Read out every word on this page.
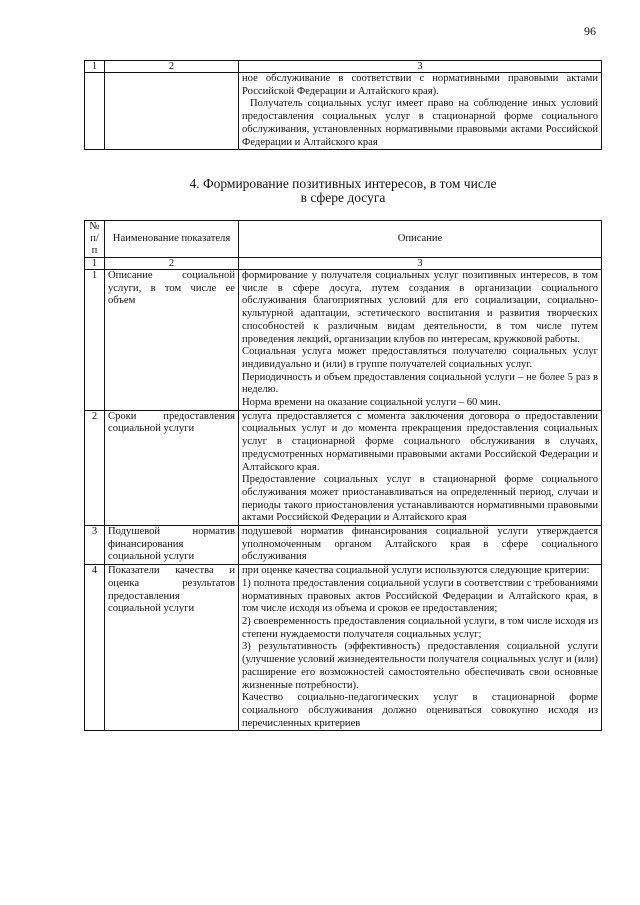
96
1	2	3

		ное обслуживание в соответствии с нормативными правовыми актами Российской Федерации и Алтайского края).
Получатель социальных услуг имеет право на соблюдение иных условий предоставления социальных услуг в стационарной форме социального обслуживания, установленных нормативными правовыми актами Российской Федерации и Алтайского края
4. Формирование позитивных интересов, в том числе
в сфере досуга
№ п/п	Наименование показателя	Описание
1	2	3
1	Описание социальной услуги, в том числе ее объем	формирование у получателя социальных услуг позитивных интересов, в том числе в сфере досуга, путем создания в организации социального обслуживания благоприятных условий для его социализации, социально-культурной адаптации, эстетического воспитания и развития творческих способностей к различным видам деятельности, в том числе путем проведения лекций, организации клубов по интересам, кружковой работы.
Социальная услуга может предоставляться получателю социальных услуг индивидуально и (или) в группе получателей социальных услуг.
Периодичность и объем предоставления социальной услуги – не более 5 раз в неделю.
Норма времени на оказание социальной услуги – 60 мин.

2	Сроки предоставления социальной услуги	услуга предоставляется с момента заключения договора о предоставлении социальных услуг и до момента прекращения предоставления социальных услуг в стационарной форме социального обслуживания в случаях, предусмотренных нормативными правовыми актами Российской Федерации и Алтайского края.
Предоставление социальных услуг в стационарной форме социального обслуживания может приостанавливаться на определенный период, случаи и периоды такого приостановления устанавливаются нормативными правовыми актами Российской Федерации и Алтайского края

3	Подушевой норматив финансирования социальной услуги	подушевой норматив финансирования социальной услуги утверждается уполномоченным органом Алтайского края в сфере социального обслуживания

4	Показатели качества и оценка результатов предоставления социальной услуги	при оценке качества социальной услуги используются следующие критерии:
1) полнота предоставления социальной услуги в соответствии с требованиями нормативных правовых актов Российской Федерации и Алтайского края, в том числе исходя из объема и сроков ее предоставления;
2) своевременность предоставления социальной услуги, в том числе исходя из степени нуждаемости получателя социальных услуг;
3) результативность (эффективность) предоставления социальной услуги (улучшение условий жизнедеятельности получателя социальных услуг и (или) расширение его возможностей самостоятельно обеспечивать свои основные жизненные потребности).
Качество социально-педагогических услуг в стационарной форме социального обслуживания должно оцениваться совокупно исходя из перечисленных критериев
